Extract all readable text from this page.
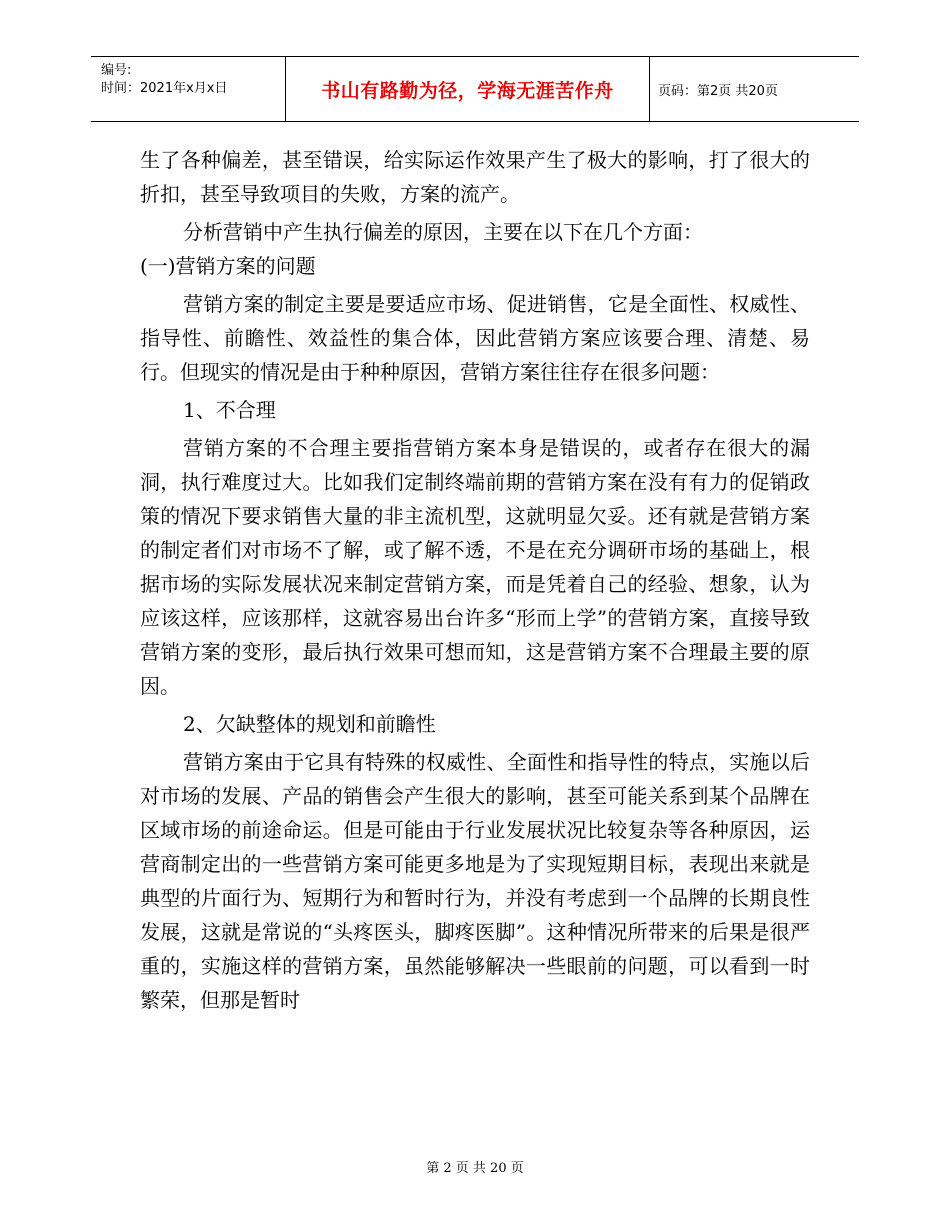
编号:
时间：2021年x月x日	书山有路勤为径，学海无涯苦作舟	页码：第2页 共20页

生了各种偏差，甚至错误，给实际运作效果产生了极大的影响，打了很大的折扣，甚至导致项目的失败，方案的流产。

分析营销中产生执行偏差的原因，主要在以下在几个方面：

(一)营销方案的问题

营销方案的制定主要是要适应市场、促进销售，它是全面性、权威性、指导性、前瞻性、效益性的集合体，因此营销方案应该要合理、清楚、易行。但现实的情况是由于种种原因，营销方案往往存在很多问题：

1、不合理

营销方案的不合理主要指营销方案本身是错误的，或者存在很大的漏洞，执行难度过大。比如我们定制终端前期的营销方案在没有有力的促销政策的情况下要求销售大量的非主流机型，这就明显欠妥。还有就是营销方案的制定者们对市场不了解，或了解不透，不是在充分调研市场的基础上，根据市场的实际发展状况来制定营销方案，而是凭着自己的经验、想象，认为应该这样，应该那样，这就容易出台许多“形而上学”的营销方案，直接导致营销方案的变形，最后执行效果可想而知，这是营销方案不合理最主要的原因。

2、欠缺整体的规划和前瞻性

营销方案由于它具有特殊的权威性、全面性和指导性的特点，实施以后对市场的发展、产品的销售会产生很大的影响，甚至可能关系到某个品牌在区域市场的前途命运。但是可能由于行业发展状况比较复杂等各种原因，运营商制定出的一些营销方案可能更多地是为了实现短期目标，表现出来就是典型的片面行为、短期行为和暂时行为，并没有考虑到一个品牌的长期良性发展，这就是常说的“头疼医头，脚疼医脚”。这种情况所带来的后果是很严重的，实施这样的营销方案，虽然能够解决一些眼前的问题，可以看到一时繁荣，但那是暂时

第 2 页 共 20 页
